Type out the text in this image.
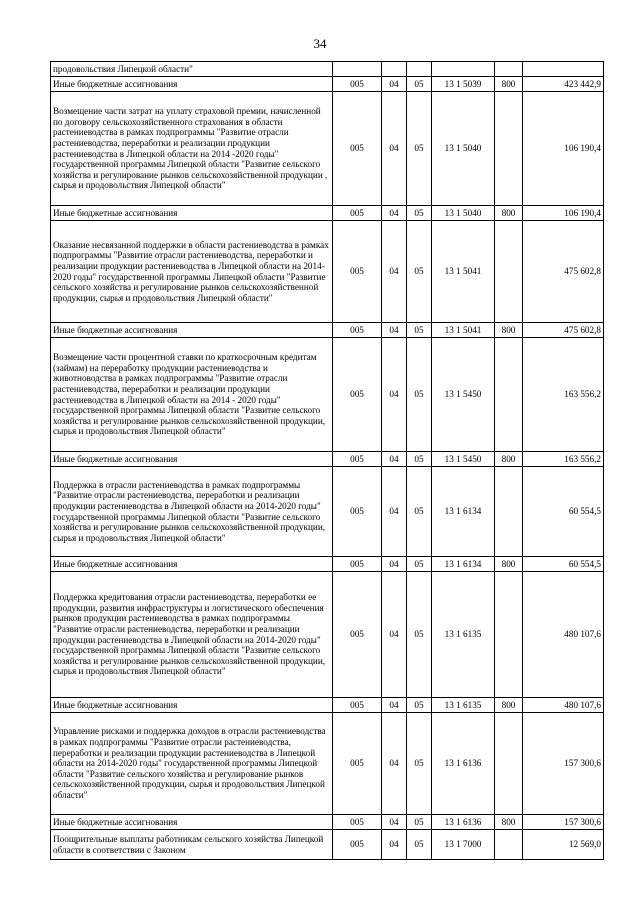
34
продовольствия Липецкой области"						
Иные бюджетные ассигнования	005	04	05	13 1 5039	800	423 442,9
Возмещение части затрат на уплату страховой премии, начисленной по договору сельскохозяйственного страхования в области растениеводства в рамках подпрограммы "Развитие отрасли растениеводства, переработки и реализации продукции растениеводства в Липецкой области на 2014 -2020 годы" государственной программы Липецкой области "Развитие сельского хозяйства и регулирование рынков сельскохозяйственной продукции , сырья и продовольствия Липецкой области"	005	04	05	13 1 5040		106 190,4
Иные бюджетные ассигнования	005	04	05	13 1 5040	800	106 190,4
Оказание несвязанной поддержки в области растениеводства в рамках подпрограммы "Развитие отрасли растениеводства, переработки и реализации продукции растениеводства в Липецкой области на 2014-2020 годы" государственной программы Липецкой области "Развитие сельского хозяйства и регулирование рынков сельскохозяйственной продукции, сырья и продовольствия Липецкой области"	005	04	05	13 1 5041		475 602,8
Иные бюджетные ассигнования	005	04	05	13 1 5041	800	475 602,8
Возмещение части процентной ставки по краткосрочным кредитам (займам) на переработку продукции растениеводства и животноводства в рамках подпрограммы "Развитие отрасли растениеводства, переработки и реализации продукции растениеводства в Липецкой области на 2014 - 2020 годы" государственной программы Липецкой области "Развитие сельского хозяйства и регулирование рынков сельскохозяйственной продукции, сырья и продовольствия Липецкой области"	005	04	05	13 1 5450		163 556,2
Иные бюджетные ассигнования	005	04	05	13 1 5450	800	163 556,2
Поддержка в отрасли растениеводства в рамках подпрограммы "Развитие отрасли растениеводства, переработки и реализации продукции растениеводства в Липецкой области на 2014-2020 годы" государственной программы Липецкой области "Развитие сельского хозяйства и регулирование рынков сельскохозяйственной продукции, сырья и продовольствия Липецкой области"	005	04	05	13 1 6134		60 554,5
Иные бюджетные ассигнования	005	04	05	13 1 6134	800	60 554,5
Поддержка кредитования отрасли растениеводства, переработки ее продукции, развития инфраструктуры и логистического обеспечения рынков продукции растениеводства в рамках подпрограммы "Развитие отрасли растениеводства, переработки и реализации продукции растениеводства в Липецкой области на 2014-2020 годы" государственной программы Липецкой области "Развитие сельского хозяйства и регулирование рынков сельскохозяйственной продукции, сырья и продовольствия Липецкой области"	005	04	05	13 1 6135		480 107,6
Иные бюджетные ассигнования	005	04	05	13 1 6135	800	480 107,6
Управление рисками и поддержка доходов в отрасли растениеводства в рамках подпрограммы "Развитие отрасли растениеводства, переработки и реализации продукции растениеводства в Липецкой области на 2014-2020 годы" государственной программы Липецкой области "Развитие сельского хозяйства и регулирование рынков сельскохозяйственной продукции, сырья и продовольствия Липецкой области"	005	04	05	13 1 6136		157 300,6
Иные бюджетные ассигнования	005	04	05	13 1 6136	800	157 300,6
Поощрительные выплаты работникам сельского хозяйства Липецкой области в соответствии с Законом	005	04	05	13 1 7000		12 569,0
